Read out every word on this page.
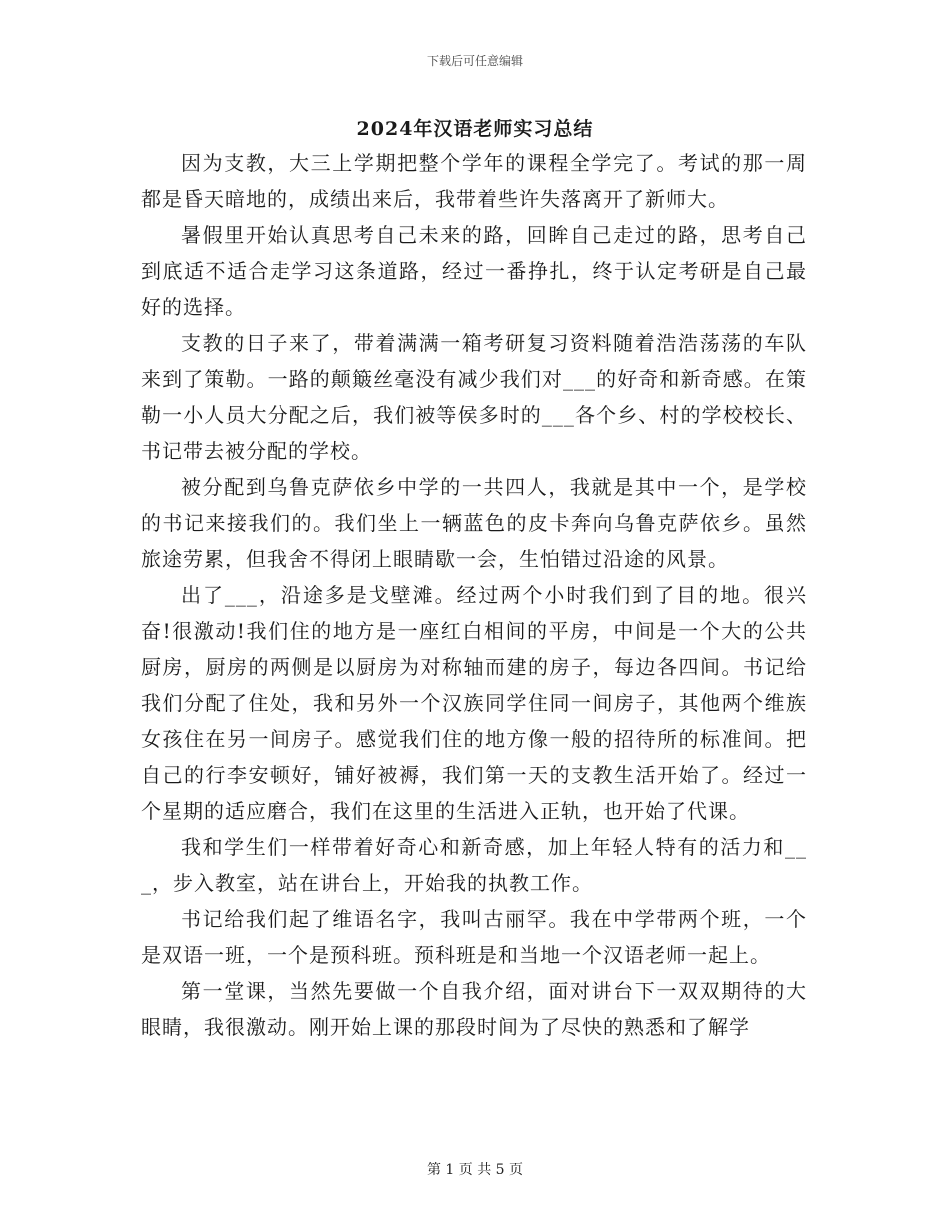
下载后可任意编辑
2024年汉语老师实习总结

因为支教，大三上学期把整个学年的课程全学完了。考试的那一周都是昏天暗地的，成绩出来后，我带着些许失落离开了新师大。

暑假里开始认真思考自己未来的路，回眸自己走过的路，思考自己到底适不适合走学习这条道路，经过一番挣扎，终于认定考研是自己最好的选择。

支教的日子来了，带着满满一箱考研复习资料随着浩浩荡荡的车队来到了策勒。一路的颠簸丝毫没有减少我们对___的好奇和新奇感。在策勒一小人员大分配之后，我们被等侯多时的___各个乡、村的学校校长、书记带去被分配的学校。

被分配到乌鲁克萨依乡中学的一共四人，我就是其中一个，是学校的书记来接我们的。我们坐上一辆蓝色的皮卡奔向乌鲁克萨依乡。虽然旅途劳累，但我舍不得闭上眼睛歇一会，生怕错过沿途的风景。

出了___，沿途多是戈壁滩。经过两个小时我们到了目的地。很兴奋!很激动!我们住的地方是一座红白相间的平房，中间是一个大的公共厨房，厨房的两侧是以厨房为对称轴而建的房子，每边各四间。书记给我们分配了住处，我和另外一个汉族同学住同一间房子，其他两个维族女孩住在另一间房子。感觉我们住的地方像一般的招待所的标准间。把自己的行李安顿好，铺好被褥，我们第一天的支教生活开始了。经过一个星期的适应磨合，我们在这里的生活进入正轨，也开始了代课。

我和学生们一样带着好奇心和新奇感，加上年轻人特有的活力和___，步入教室，站在讲台上，开始我的执教工作。

书记给我们起了维语名字，我叫古丽罕。我在中学带两个班，一个是双语一班，一个是预科班。预科班是和当地一个汉语老师一起上。

第一堂课，当然先要做一个自我介绍，面对讲台下一双双期待的大眼睛，我很激动。刚开始上课的那段时间为了尽快的熟悉和了解学

第 1 页 共 5 页
